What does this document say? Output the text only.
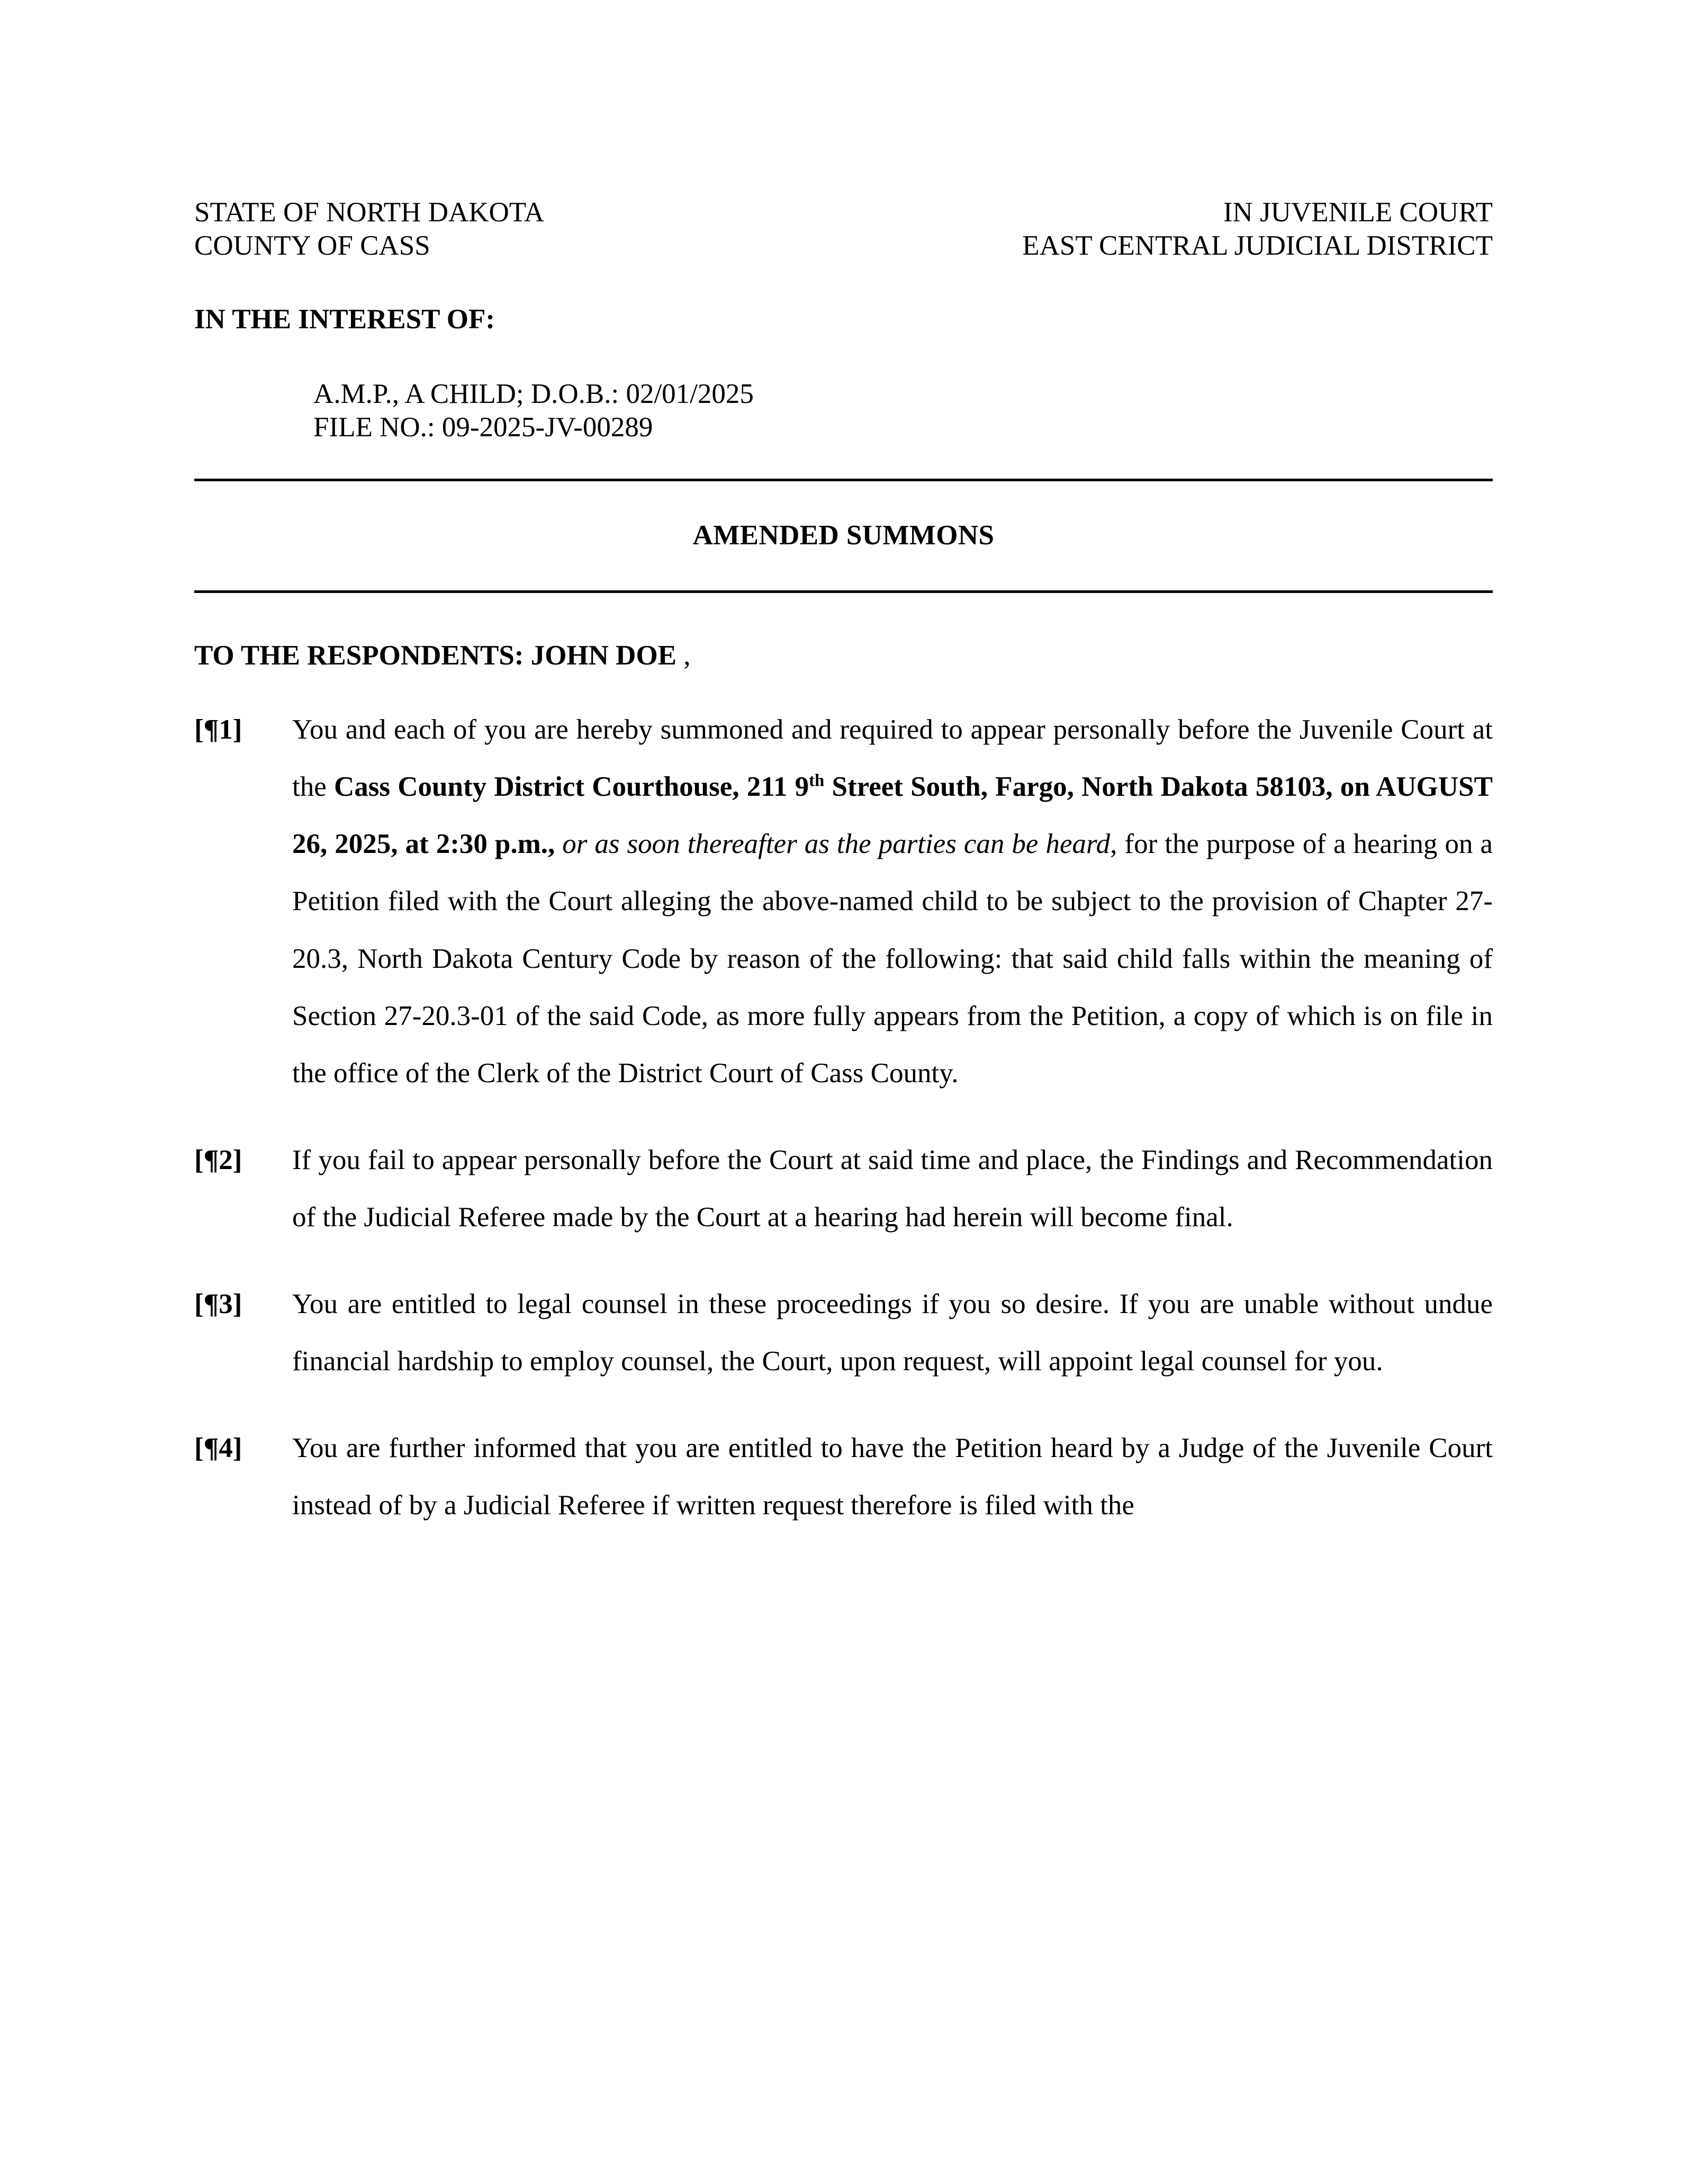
STATE OF NORTH DAKOTA
COUNTY OF CASS
IN JUVENILE COURT
EAST CENTRAL JUDICIAL DISTRICT
IN THE INTEREST OF:
A.M.P., A CHILD; D.O.B.: 02/01/2025
FILE NO.: 09-2025-JV-00289
AMENDED SUMMONS
TO THE RESPONDENTS: JOHN DOE ,
[¶1] You and each of you are hereby summoned and required to appear personally before the Juvenile Court at the Cass County District Courthouse, 211 9th Street South, Fargo, North Dakota 58103, on AUGUST 26, 2025, at 2:30 p.m., or as soon thereafter as the parties can be heard, for the purpose of a hearing on a Petition filed with the Court alleging the above-named child to be subject to the provision of Chapter 27-20.3, North Dakota Century Code by reason of the following: that said child falls within the meaning of Section 27-20.3-01 of the said Code, as more fully appears from the Petition, a copy of which is on file in the office of the Clerk of the District Court of Cass County.
[¶2] If you fail to appear personally before the Court at said time and place, the Findings and Recommendation of the Judicial Referee made by the Court at a hearing had herein will become final.
[¶3] You are entitled to legal counsel in these proceedings if you so desire. If you are unable without undue financial hardship to employ counsel, the Court, upon request, will appoint legal counsel for you.
[¶4] You are further informed that you are entitled to have the Petition heard by a Judge of the Juvenile Court instead of by a Judicial Referee if written request therefore is filed with the
